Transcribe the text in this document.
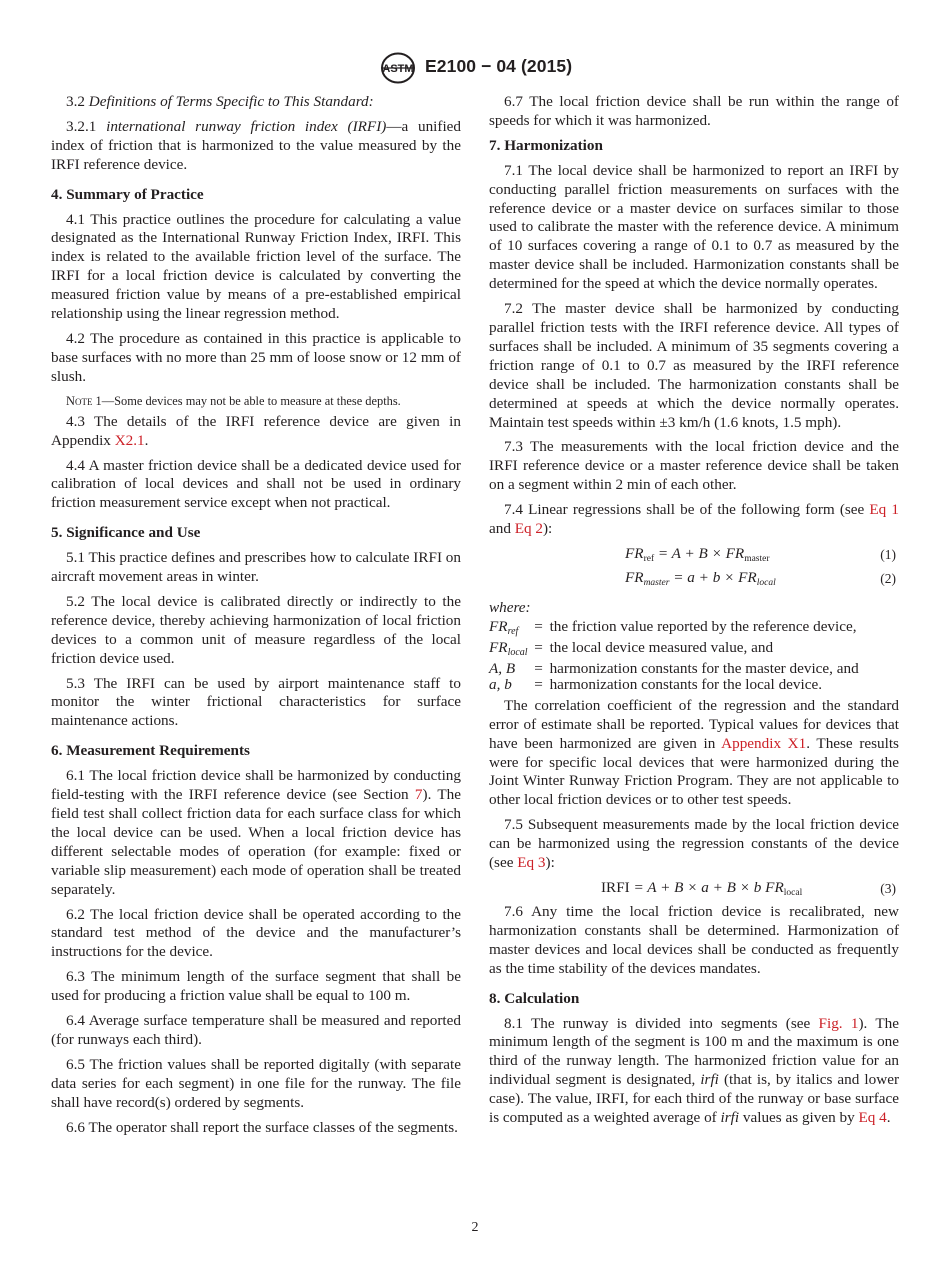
ASTM E2100 − 04 (2015)

3.2 Definitions of Terms Specific to This Standard:

3.2.1 international runway friction index (IRFI)—a unified index of friction that is harmonized to the value measured by the IRFI reference device.

4. Summary of Practice

4.1 This practice outlines the procedure for calculating a value designated as the International Runway Friction Index, IRFI. This index is related to the available friction level of the surface. The IRFI for a local friction device is calculated by converting the measured friction value by means of a pre-established empirical relationship using the linear regression method.

4.2 The procedure as contained in this practice is applicable to base surfaces with no more than 25 mm of loose snow or 12 mm of slush.

Note 1—Some devices may not be able to measure at these depths.

4.3 The details of the IRFI reference device are given in Appendix X2.1.

4.4 A master friction device shall be a dedicated device used for calibration of local devices and shall not be used in ordinary friction measurement service except when not practical.

5. Significance and Use

5.1 This practice defines and prescribes how to calculate IRFI on aircraft movement areas in winter.

5.2 The local device is calibrated directly or indirectly to the reference device, thereby achieving harmonization of local friction devices to a common unit of measure regardless of the local friction device used.

5.3 The IRFI can be used by airport maintenance staff to monitor the winter frictional characteristics for surface maintenance actions.

6. Measurement Requirements

6.1 The local friction device shall be harmonized by conducting field-testing with the IRFI reference device (see Section 7). The field test shall collect friction data for each surface class for which the local device can be used. When a local friction device has different selectable modes of operation (for example: fixed or variable slip measurement) each mode of operation shall be treated separately.

6.2 The local friction device shall be operated according to the standard test method of the device and the manufacturer’s instructions for the device.

6.3 The minimum length of the surface segment that shall be used for producing a friction value shall be equal to 100 m.

6.4 Average surface temperature shall be measured and reported (for runways each third).

6.5 The friction values shall be reported digitally (with separate data series for each segment) in one file for the runway. The file shall have record(s) ordered by segments.

6.6 The operator shall report the surface classes of the segments.

6.7 The local friction device shall be run within the range of speeds for which it was harmonized.

7. Harmonization

7.1 The local device shall be harmonized to report an IRFI by conducting parallel friction measurements on surfaces with the reference device or a master device on surfaces similar to those used to calibrate the master with the reference device. A minimum of 10 surfaces covering a range of 0.1 to 0.7 as measured by the master device shall be included. Harmonization constants shall be determined for the speed at which the device normally operates.

7.2 The master device shall be harmonized by conducting parallel friction tests with the IRFI reference device. All types of surfaces shall be included. A minimum of 35 segments covering a friction range of 0.1 to 0.7 as measured by the IRFI reference device shall be included. The harmonization constants shall be determined at speeds at which the device normally operates. Maintain test speeds within ±3 km/h (1.6 knots, 1.5 mph).

7.3 The measurements with the local friction device and the IRFI reference device or a master reference device shall be taken on a segment within 2 min of each other.

7.4 Linear regressions shall be of the following form (see Eq 1 and Eq 2):

$FR_{ref} = A + B \times FR_{master}$	(1)
$FR_{master} = a + b \times FR_{local}$	(2)
where:
$FR_{ref}$	=	the friction value reported by the reference device,
$FR_{local}$	=	the local device measured value, and
A, B	=	harmonization constants for the master device, and
a, b	=	harmonization constants for the local device.

The correlation coefficient of the regression and the standard error of estimate shall be reported. Typical values for devices that have been harmonized are given in Appendix X1. These results were for specific local devices that were harmonized during the Joint Winter Runway Friction Program. They are not applicable to other local friction devices or to other test speeds.

7.5 Subsequent measurements made by the local friction device can be harmonized using the regression constants of the device (see Eq 3):

IRFI = A + B × a + B × b $FR_{local}$	(3)

7.6 Any time the local friction device is recalibrated, new harmonization constants shall be determined. Harmonization of master devices and local devices shall be conducted as frequently as the time stability of the devices mandates.

8. Calculation

8.1 The runway is divided into segments (see Fig. 1). The minimum length of the segment is 100 m and the maximum is one third of the runway length. The harmonized friction value for an individual segment is designated, irfi (that is, by italics and lower case). The value, IRFI, for each third of the runway or base surface is computed as a weighted average of irfi values as given by Eq 4.

2
